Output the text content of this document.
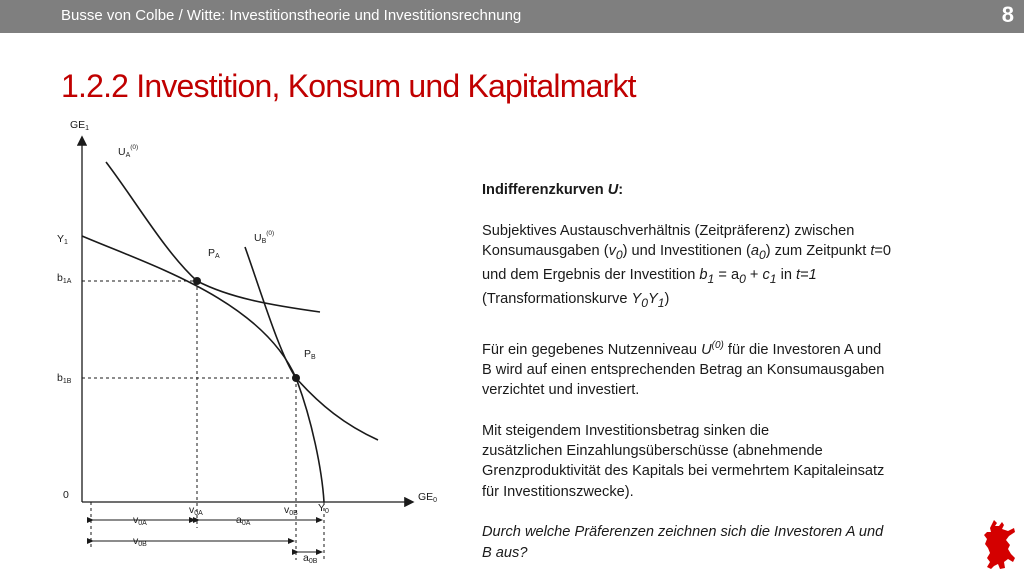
Busse von Colbe / Witte: Investitionstheorie und Investitionsrechnung	8
1.2.2 Investition, Konsum und Kapitalmarkt
GE1
GE0
0
Y1
b1A
b1B
UA$^{(0)}$
UB$^{(0)}$
PA
PB
v0A	v0B Y0
v0A	a0A
v0B
a0B

Indifferenzkurven U:

Subjektives Austauschverhältnis (Zeitpräferenz) zwischen

Konsumausgaben $(v_0)$ und Investitionen $(a_0)$ zum Zeitpunkt t=0

und dem Ergebnis der Investition $b_1 = a_0 + c_1$ in t=1

(Transformationskurve $Y_0Y_1$)

Für ein gegebenes Nutzenniveau $U^{(0)}$ für die Investoren A und

B wird auf einen entsprechenden Betrag an Konsumausgaben

verzichtet und investiert.

Mit steigendem Investitionsbetrag sinken die

zusätzlichen Einzahlungsüberschüsse (abnehmende

Grenzproduktivität des Kapitals bei vermehrtem Kapitaleinsatz

für Investitionszwecke).

Durch welche Präferenzen zeichnen sich die Investoren A und

B aus?
